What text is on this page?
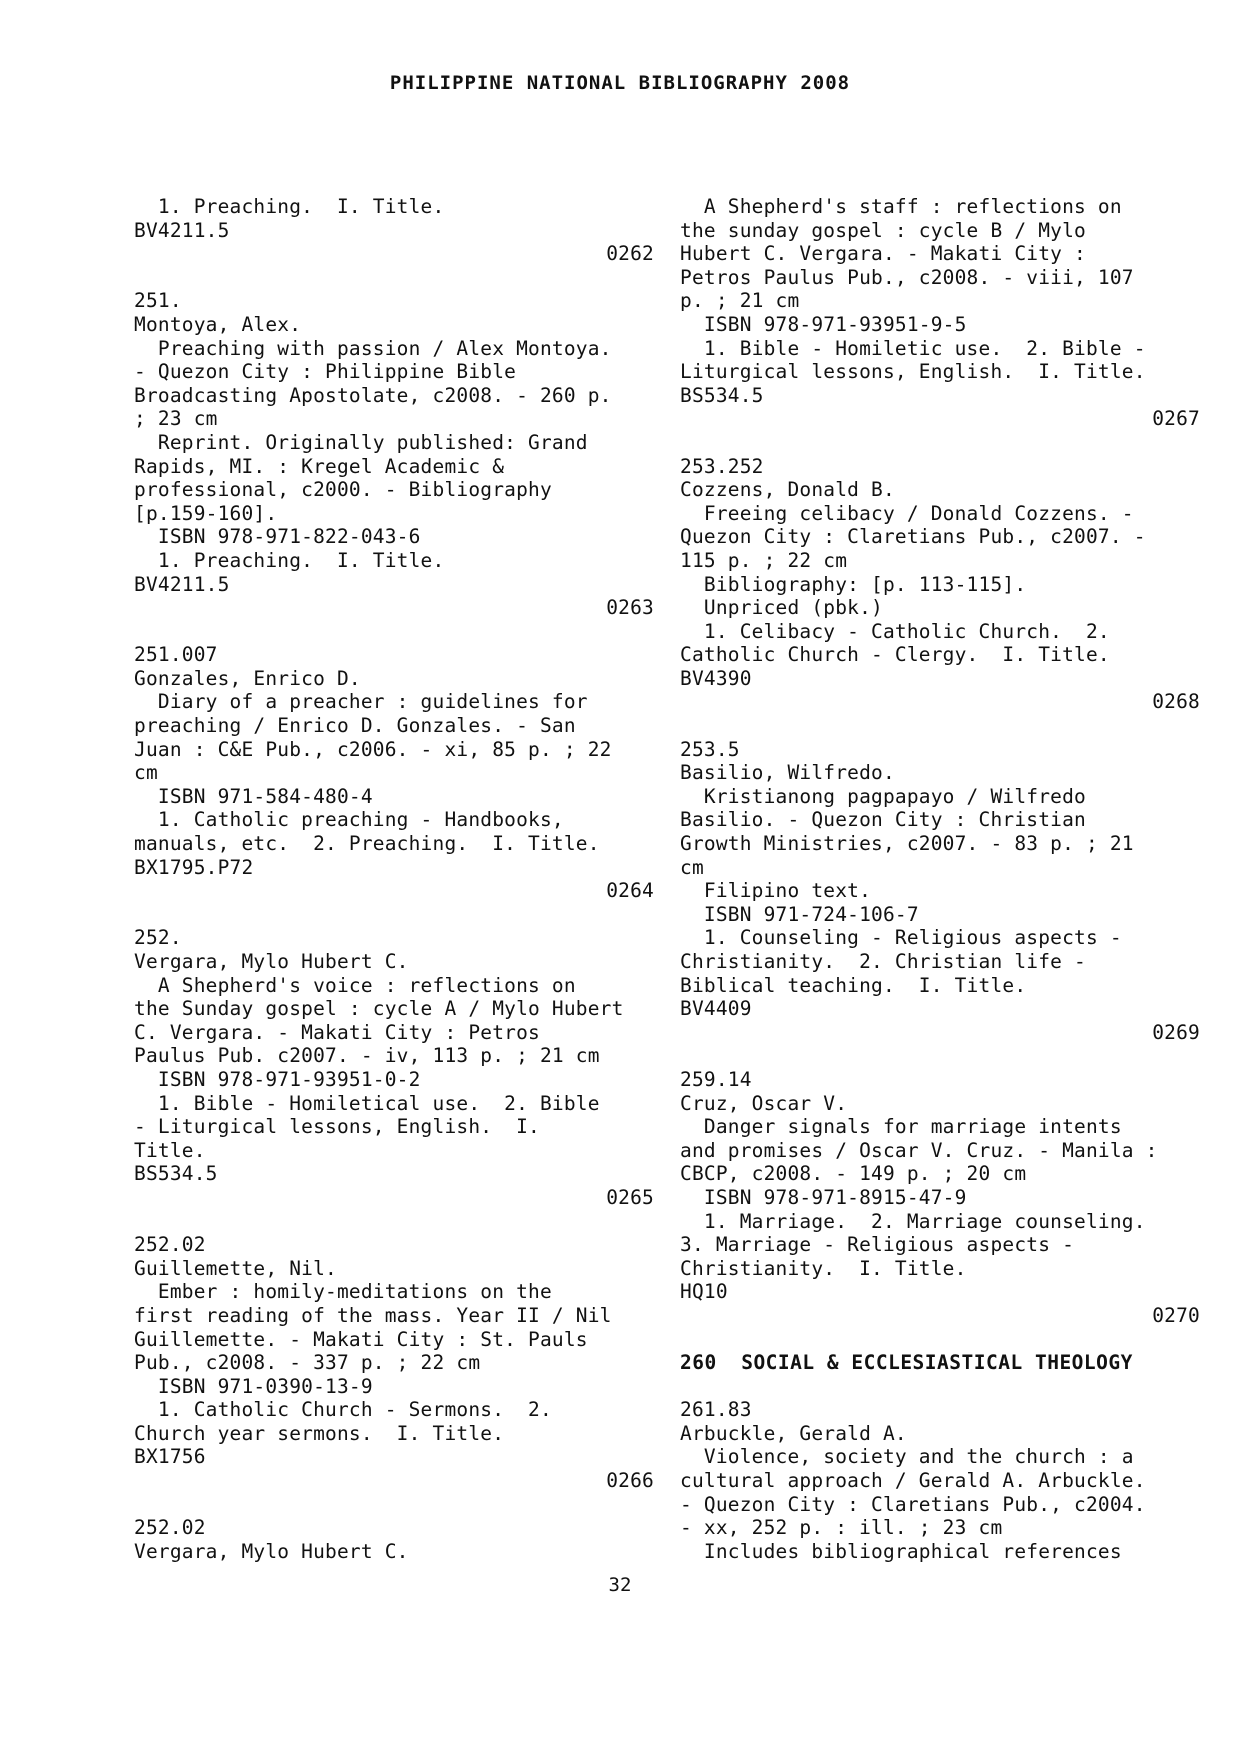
PHILIPPINE NATIONAL BIBLIOGRAPHY 2008
1. Preaching.  I. Title.
BV4211.5
0262
251.
Montoya, Alex.
Preaching with passion / Alex Montoya.
- Quezon City : Philippine Bible
Broadcasting Apostolate, c2008. - 260 p.
; 23 cm
Reprint. Originally published: Grand
Rapids, MI. : Kregel Academic &
professional, c2000. - Bibliography
[p.159-160].
ISBN 978-971-822-043-6
1. Preaching.  I. Title.
BV4211.5
0263
251.007
Gonzales, Enrico D.
Diary of a preacher : guidelines for
preaching / Enrico D. Gonzales. - San
Juan : C&E Pub., c2006. - xi, 85 p. ; 22
cm
ISBN 971-584-480-4
1. Catholic preaching - Handbooks,
manuals, etc.  2. Preaching.  I. Title.
BX1795.P72
0264
252.
Vergara, Mylo Hubert C.
A Shepherd's voice : reflections on
the Sunday gospel : cycle A / Mylo Hubert
C. Vergara. - Makati City : Petros
Paulus Pub. c2007. - iv, 113 p. ; 21 cm
ISBN 978-971-93951-0-2
1. Bible - Homiletical use.  2. Bible
- Liturgical lessons, English.  I.
Title.
BS534.5
0265
252.02
Guillemette, Nil.
Ember : homily-meditations on the
first reading of the mass. Year II / Nil
Guillemette. - Makati City : St. Pauls
Pub., c2008. - 337 p. ; 22 cm
ISBN 971-0390-13-9
1. Catholic Church - Sermons.  2.
Church year sermons.  I. Title.
BX1756
0266
252.02
Vergara, Mylo Hubert C.
A Shepherd's staff : reflections on
the sunday gospel : cycle B / Mylo
Hubert C. Vergara. - Makati City :
Petros Paulus Pub., c2008. - viii, 107
p. ; 21 cm
ISBN 978-971-93951-9-5
1. Bible - Homiletic use.  2. Bible -
Liturgical lessons, English.  I. Title.
BS534.5
0267
253.252
Cozzens, Donald B.
Freeing celibacy / Donald Cozzens. -
Quezon City : Claretians Pub., c2007. -
115 p. ; 22 cm
Bibliography: [p. 113-115].
Unpriced (pbk.)
1. Celibacy - Catholic Church.  2.
Catholic Church - Clergy.  I. Title.
BV4390
0268
253.5
Basilio, Wilfredo.
Kristianong pagpapayo / Wilfredo
Basilio. - Quezon City : Christian
Growth Ministries, c2007. - 83 p. ; 21
cm
Filipino text.
ISBN 971-724-106-7
1. Counseling - Religious aspects -
Christianity.  2. Christian life -
Biblical teaching.  I. Title.
BV4409
0269
259.14
Cruz, Oscar V.
Danger signals for marriage intents
and promises / Oscar V. Cruz. - Manila :
CBCP, c2008. - 149 p. ; 20 cm
ISBN 978-971-8915-47-9
1. Marriage.  2. Marriage counseling.
3. Marriage - Religious aspects -
Christianity.  I. Title.
HQ10
0270
260  SOCIAL & ECCLESIASTICAL THEOLOGY
261.83
Arbuckle, Gerald A.
Violence, society and the church : a
cultural approach / Gerald A. Arbuckle.
- Quezon City : Claretians Pub., c2004.
- xx, 252 p. : ill. ; 23 cm
Includes bibliographical references
32
